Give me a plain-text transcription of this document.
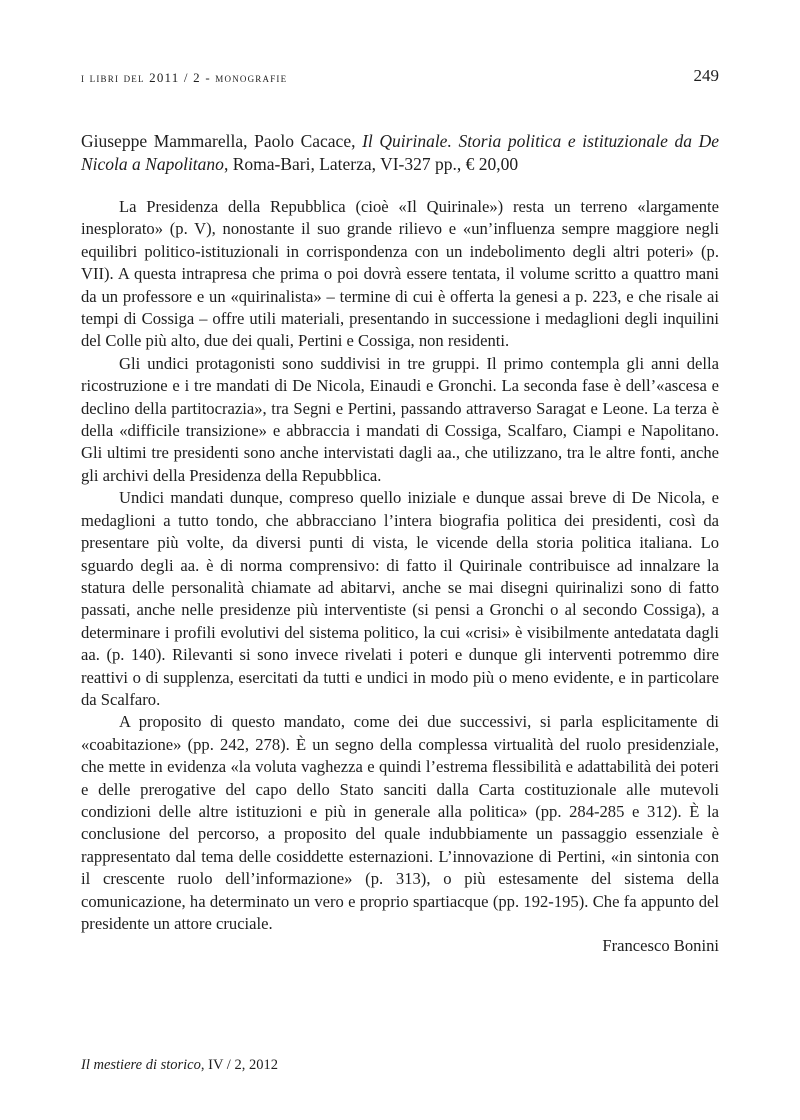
i libri del 2011 / 2 - monografie	249
Giuseppe Mammarella, Paolo Cacace, Il Quirinale. Storia politica e istituzionale da De Nicola a Napolitano, Roma-Bari, Laterza, VI-327 pp., € 20,00

La Presidenza della Repubblica (cioè «Il Quirinale») resta un terreno «largamente inesplorato» (p. V), nonostante il suo grande rilievo e «un’influenza sempre maggiore negli equilibri politico-istituzionali in corrispondenza con un indebolimento degli altri poteri» (p. VII). A questa intrapresa che prima o poi dovrà essere tentata, il volume scritto a quattro mani da un professore e un «quirinalista» – termine di cui è offerta la genesi a p. 223, e che risale ai tempi di Cossiga – offre utili materiali, presentando in successione i medaglioni degli inquilini del Colle più alto, due dei quali, Pertini e Cossiga, non residenti.

Gli undici protagonisti sono suddivisi in tre gruppi. Il primo contempla gli anni della ricostruzione e i tre mandati di De Nicola, Einaudi e Gronchi. La seconda fase è dell’«ascesa e declino della partitocrazia», tra Segni e Pertini, passando attraverso Saragat e Leone. La terza è della «difficile transizione» e abbraccia i mandati di Cossiga, Scalfaro, Ciampi e Napolitano. Gli ultimi tre presidenti sono anche intervistati dagli aa., che utilizzano, tra le altre fonti, anche gli archivi della Presidenza della Repubblica.

Undici mandati dunque, compreso quello iniziale e dunque assai breve di De Nicola, e medaglioni a tutto tondo, che abbracciano l’intera biografia politica dei presidenti, così da presentare più volte, da diversi punti di vista, le vicende della storia politica italiana. Lo sguardo degli aa. è di norma comprensivo: di fatto il Quirinale contribuisce ad innalzare la statura delle personalità chiamate ad abitarvi, anche se mai disegni quirinalizi sono di fatto passati, anche nelle presidenze più interventiste (si pensi a Gronchi o al secondo Cossiga), a determinare i profili evolutivi del sistema politico, la cui «crisi» è visibilmente antedatata dagli aa. (p. 140). Rilevanti si sono invece rivelati i poteri e dunque gli interventi potremmo dire reattivi o di supplenza, esercitati da tutti e undici in modo più o meno evidente, e in particolare da Scalfaro.

A proposito di questo mandato, come dei due successivi, si parla esplicitamente di «coabitazione» (pp. 242, 278). È un segno della complessa virtualità del ruolo presidenziale, che mette in evidenza «la voluta vaghezza e quindi l’estrema flessibilità e adattabilità dei poteri e delle prerogative del capo dello Stato sanciti dalla Carta costituzionale alle mutevoli condizioni delle altre istituzioni e più in generale alla politica» (pp. 284-285 e 312). È la conclusione del percorso, a proposito del quale indubbiamente un passaggio essenziale è rappresentato dal tema delle cosiddette esternazioni. L’innovazione di Pertini, «in sintonia con il crescente ruolo dell’informazione» (p. 313), o più estesamente del sistema della comunicazione, ha determinato un vero e proprio spartiacque (pp. 192-195). Che fa appunto del presidente un attore cruciale.

Francesco Bonini
Il mestiere di storico, IV / 2, 2012
